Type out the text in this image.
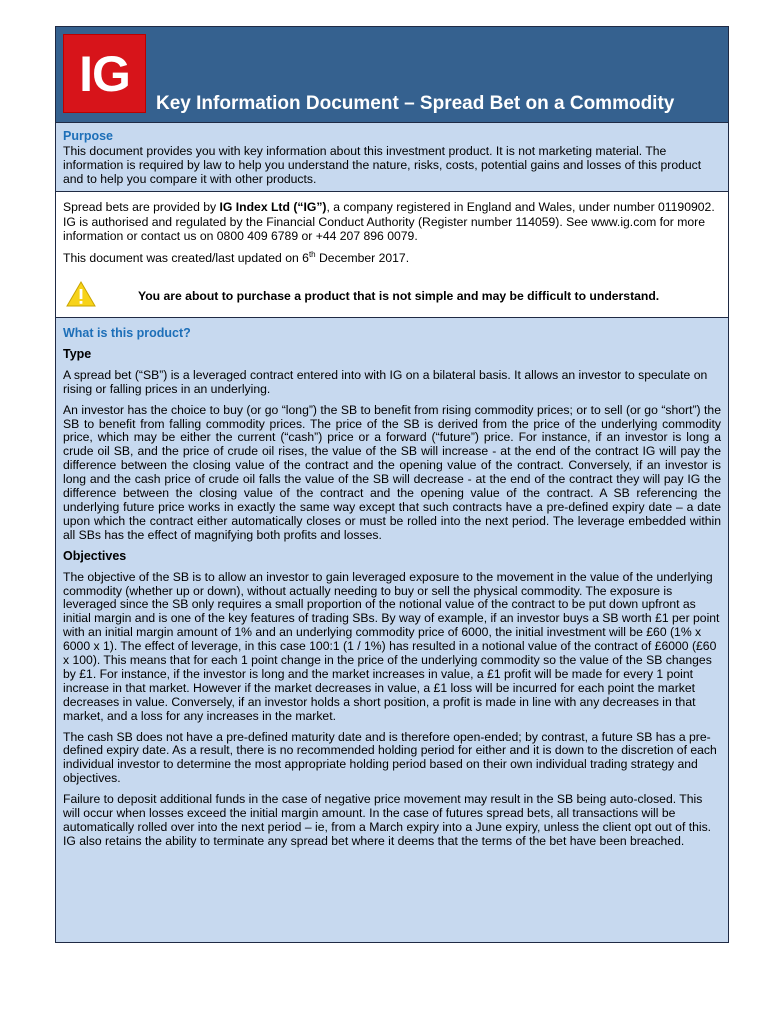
IG
Key Information Document – Spread Bet on a Commodity
Purpose
This document provides you with key information about this investment product. It is not marketing material. The information is required by law to help you understand the nature, risks, costs, potential gains and losses of this product and to help you compare it with other products.

Spread bets are provided by IG Index Ltd (“IG”), a company registered in England and Wales, under number 01190902. IG is authorised and regulated by the Financial Conduct Authority (Register number 114059). See www.ig.com for more information or contact us on 0800 409 6789 or +44 207 896 0079.

This document was created/last updated on 6th December 2017.

You are about to purchase a product that is not simple and may be difficult to understand.
What is this product?
Type

A spread bet (“SB”) is a leveraged contract entered into with IG on a bilateral basis. It allows an investor to speculate on rising or falling prices in an underlying.

An investor has the choice to buy (or go “long”) the SB to benefit from rising commodity prices; or to sell (or go “short”) the SB to benefit from falling commodity prices. The price of the SB is derived from the price of the underlying commodity price, which may be either the current (“cash”) price or a forward (“future”) price. For instance, if an investor is long a crude oil SB, and the price of crude oil rises, the value of the SB will increase - at the end of the contract IG will pay the difference between the closing value of the contract and the opening value of the contract. Conversely, if an investor is long and the cash price of crude oil falls the value of the SB will decrease - at the end of the contract they will pay IG the difference between the closing value of the contract and the opening value of the contract. A SB referencing the underlying future price works in exactly the same way except that such contracts have a pre-defined expiry date – a date upon which the contract either automatically closes or must be rolled into the next period. The leverage embedded within all SBs has the effect of magnifying both profits and losses.

Objectives

The objective of the SB is to allow an investor to gain leveraged exposure to the movement in the value of the underlying commodity (whether up or down), without actually needing to buy or sell the physical commodity. The exposure is leveraged since the SB only requires a small proportion of the notional value of the contract to be put down upfront as initial margin and is one of the key features of trading SBs. By way of example, if an investor buys a SB worth £1 per point with an initial margin amount of 1% and an underlying commodity price of 6000, the initial investment will be £60 (1% x 6000 x 1). The effect of leverage, in this case 100:1 (1 / 1%) has resulted in a notional value of the contract of £6000 (£60 x 100). This means that for each 1 point change in the price of the underlying commodity so the value of the SB changes by £1. For instance, if the investor is long and the market increases in value, a £1 profit will be made for every 1 point increase in that market. However if the market decreases in value, a £1 loss will be incurred for each point the market decreases in value. Conversely, if an investor holds a short position, a profit is made in line with any decreases in that market, and a loss for any increases in the market.

The cash SB does not have a pre-defined maturity date and is therefore open-ended; by contrast, a future SB has a pre-defined expiry date. As a result, there is no recommended holding period for either and it is down to the discretion of each individual investor to determine the most appropriate holding period based on their own individual trading strategy and objectives.

Failure to deposit additional funds in the case of negative price movement may result in the SB being auto-closed. This will occur when losses exceed the initial margin amount. In the case of futures spread bets, all transactions will be automatically rolled over into the next period – ie, from a March expiry into a June expiry, unless the client opt out of this. IG also retains the ability to terminate any spread bet where it deems that the terms of the bet have been breached.
